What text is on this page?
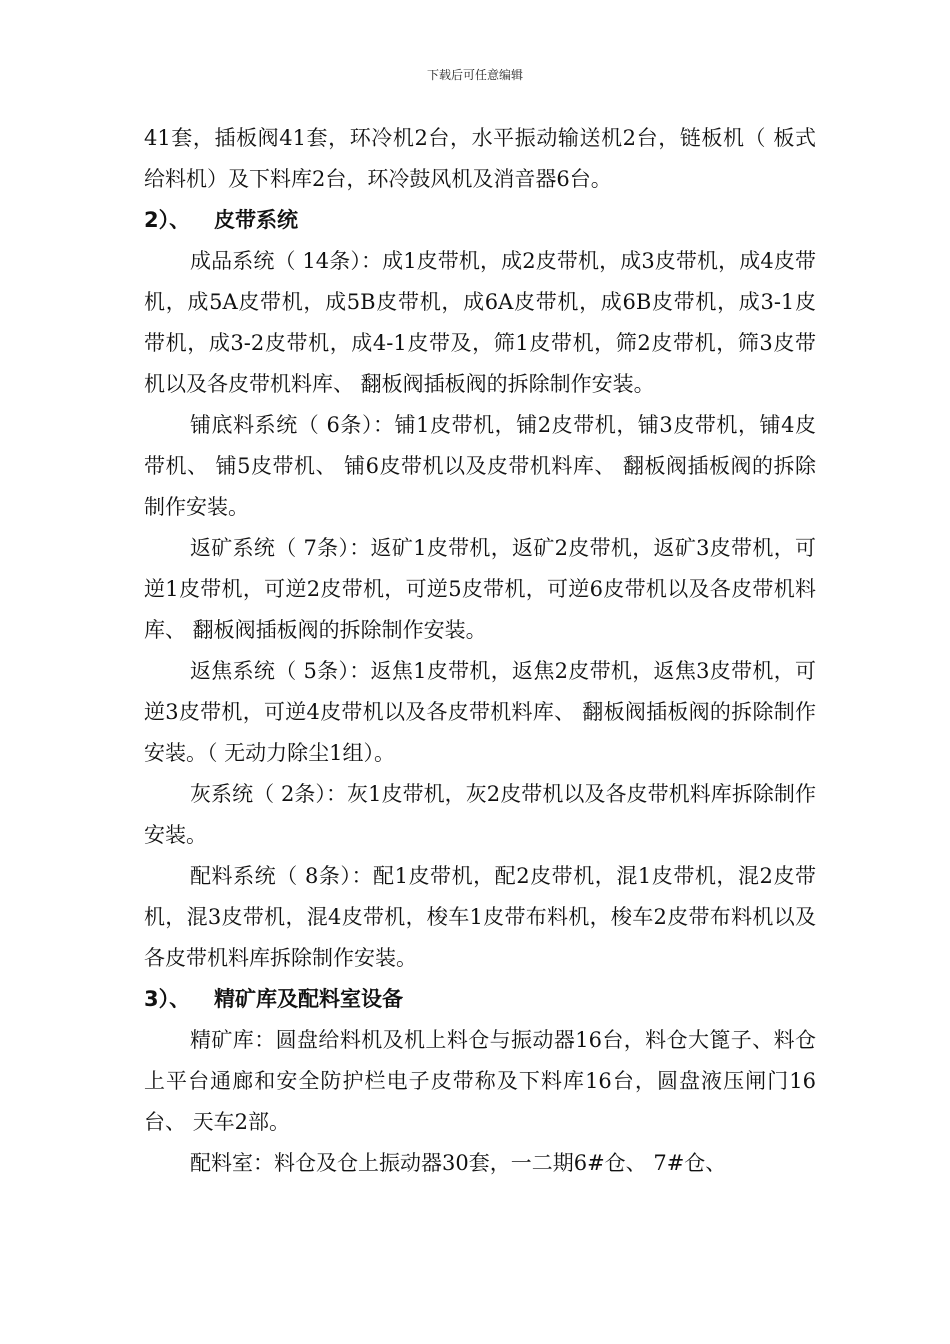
下载后可任意编辑

41套，插板阀41套，环冷机2台，水平振动输送机2台，链板机（ 板式给料机）及下料库2台，环冷鼓风机及消音器6台。

2）、 皮带系统

成品系统（ 14条）：成1皮带机，成2皮带机，成3皮带机，成4皮带机，成5A皮带机，成5B皮带机，成6A皮带机，成6B皮带机，成3-1皮带机，成3-2皮带机，成4-1皮带及，筛1皮带机，筛2皮带机，筛3皮带机以及各皮带机料库、 翻板阀插板阀的拆除制作安装。

铺底料系统（ 6条）：铺1皮带机，铺2皮带机，铺3皮带机，铺4皮带机、 铺5皮带机、 铺6皮带机以及皮带机料库、 翻板阀插板阀的拆除制作安装。

返矿系统（ 7条）：返矿1皮带机，返矿2皮带机，返矿3皮带机，可逆1皮带机，可逆2皮带机，可逆5皮带机，可逆6皮带机以及各皮带机料库、 翻板阀插板阀的拆除制作安装。

返焦系统（ 5条）：返焦1皮带机，返焦2皮带机，返焦3皮带机，可逆3皮带机，可逆4皮带机以及各皮带机料库、 翻板阀插板阀的拆除制作安装。（ 无动力除尘1组）。

灰系统（ 2条）：灰1皮带机，灰2皮带机以及各皮带机料库拆除制作安装。

配料系统（ 8条）：配1皮带机，配2皮带机，混1皮带机，混2皮带机，混3皮带机，混4皮带机，梭车1皮带布料机，梭车2皮带布料机以及各皮带机料库拆除制作安装。

3）、 精矿库及配料室设备

精矿库：圆盘给料机及机上料仓与振动器16台，料仓大篦子、料仓上平台通廊和安全防护栏电子皮带称及下料库16台，圆盘液压闸门16台、 天车2部。

配料室：料仓及仓上振动器30套，一二期6#仓、 7#仓、
